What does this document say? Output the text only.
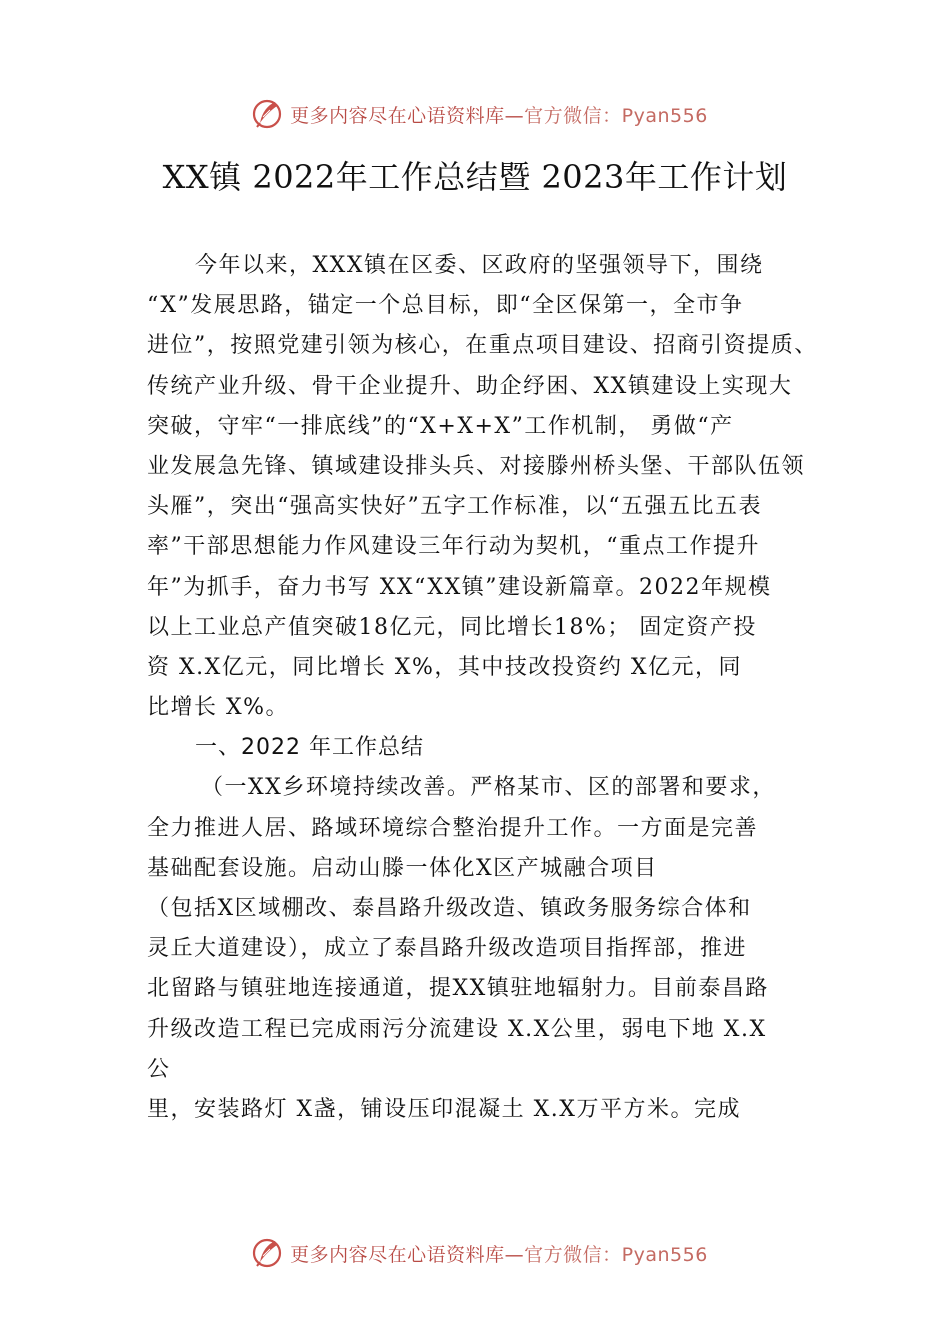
更多内容尽在心语资料库—官方微信：Pyan556
XX镇 2022年工作总结暨 2023年工作计划
今年以来，XXX镇在区委、区政府的坚强领导下，围绕
“X”发展思路，锚定一个总目标，即“全区保第一，全市争
进位”，按照党建引领为核心，在重点项目建设、招商引资提质、
传统产业升级、骨干企业提升、助企纾困、XX镇建设上实现大
突破，守牢“一排底线”的“X+X+X”工作机制， 勇做“产
业发展急先锋、镇域建设排头兵、对接滕州桥头堡、干部队伍领
头雁”，突出“强高实快好”五字工作标准，以“五强五比五表
率”干部思想能力作风建设三年行动为契机，“重点工作提升
年”为抓手，奋力书写 XX“XX镇”建设新篇章。2022年规模
以上工业总产值突破18亿元，同比增长18%； 固定资产投
资 X.X亿元，同比增长 X%，其中技改投资约 X亿元，同
比增长 X%。
一、2022 年工作总结
（一XX乡环境持续改善。严格某市、区的部署和要求，
全力推进人居、路域环境综合整治提升工作。一方面是完善
基础配套设施。启动山滕一体化X区产城融合项目
（包括X区域棚改、泰昌路升级改造、镇政务服务综合体和
灵丘大道建设），成立了泰昌路升级改造项目指挥部，推进
北留路与镇驻地连接通道，提XX镇驻地辐射力。目前泰昌路
升级改造工程已完成雨污分流建设 X.X公里，弱电下地 X.X
公
里，安装路灯 X盏，铺设压印混凝土 X.X万平方米。完成
更多内容尽在心语资料库—官方微信：Pyan556
